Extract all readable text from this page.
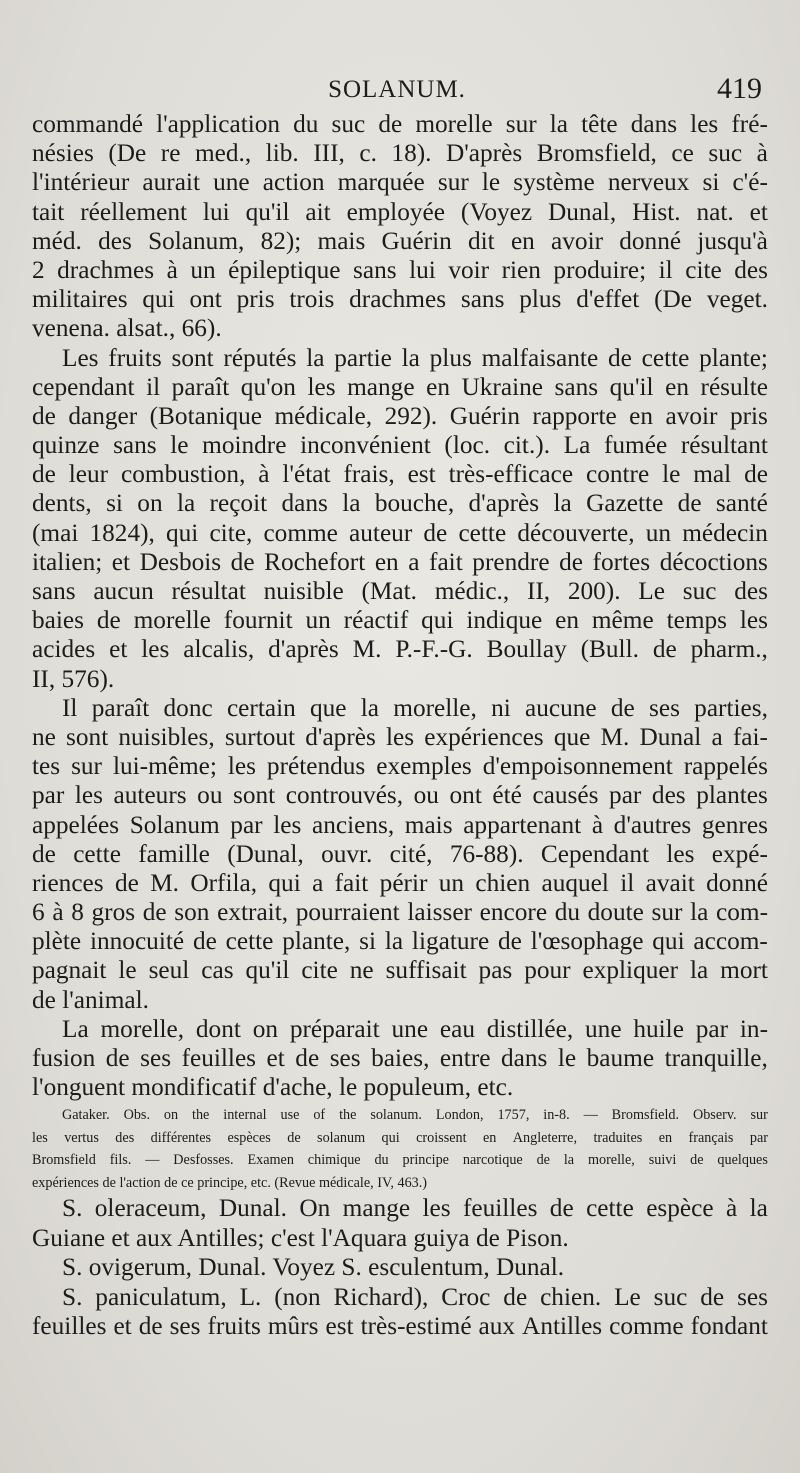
SOLANUM.	419
commandé l'application du suc de morelle sur la tête dans les fré-
nésies (De re med., lib. III, c. 18). D'après Bromsfield, ce suc à
l'intérieur aurait une action marquée sur le système nerveux si c'é-
tait réellement lui qu'il ait employée (Voyez Dunal, Hist. nat. et
méd. des Solanum, 82); mais Guérin dit en avoir donné jusqu'à
2 drachmes à un épileptique sans lui voir rien produire; il cite des
militaires qui ont pris trois drachmes sans plus d'effet (De veget.
venena. alsat., 66).
Les fruits sont réputés la partie la plus malfaisante de cette plante;
cependant il paraît qu'on les mange en Ukraine sans qu'il en résulte
de danger (Botanique médicale, 292). Guérin rapporte en avoir pris
quinze sans le moindre inconvénient (loc. cit.). La fumée résultant
de leur combustion, à l'état frais, est très-efficace contre le mal de
dents, si on la reçoit dans la bouche, d'après la Gazette de santé
(mai 1824), qui cite, comme auteur de cette découverte, un médecin
italien; et Desbois de Rochefort en a fait prendre de fortes décoctions
sans aucun résultat nuisible (Mat. médic., II, 200). Le suc des
baies de morelle fournit un réactif qui indique en même temps les
acides et les alcalis, d'après M. P.-F.-G. Boullay (Bull. de pharm.,
II, 576).
Il paraît donc certain que la morelle, ni aucune de ses parties,
ne sont nuisibles, surtout d'après les expériences que M. Dunal a fai-
tes sur lui-même; les prétendus exemples d'empoisonnement rappelés
par les auteurs ou sont controuvés, ou ont été causés par des plantes
appelées Solanum par les anciens, mais appartenant à d'autres genres
de cette famille (Dunal, ouvr. cité, 76-88). Cependant les expé-
riences de M. Orfila, qui a fait périr un chien auquel il avait donné
6 à 8 gros de son extrait, pourraient laisser encore du doute sur la com-
plète innocuité de cette plante, si la ligature de l'œsophage qui accom-
pagnait le seul cas qu'il cite ne suffisait pas pour expliquer la mort
de l'animal.
La morelle, dont on préparait une eau distillée, une huile par in-
fusion de ses feuilles et de ses baies, entre dans le baume tranquille,
l'onguent mondificatif d'ache, le populeum, etc.
Gataker. Obs. on the internal use of the solanum. London, 1757, in-8. — Bromsfield. Observ. sur
les vertus des différentes espèces de solanum qui croissent en Angleterre, traduites en français par
Bromsfield fils. — Desfosses. Examen chimique du principe narcotique de la morelle, suivi de quelques
expériences de l'action de ce principe, etc. (Revue médicale, IV, 463.)
S. oleraceum, Dunal. On mange les feuilles de cette espèce à la
Guiane et aux Antilles; c'est l'Aquara guiya de Pison.
S. ovigerum, Dunal. Voyez S. esculentum, Dunal.
S. paniculatum, L. (non Richard), Croc de chien. Le suc de ses
feuilles et de ses fruits mûrs est très-estimé aux Antilles comme fondant
